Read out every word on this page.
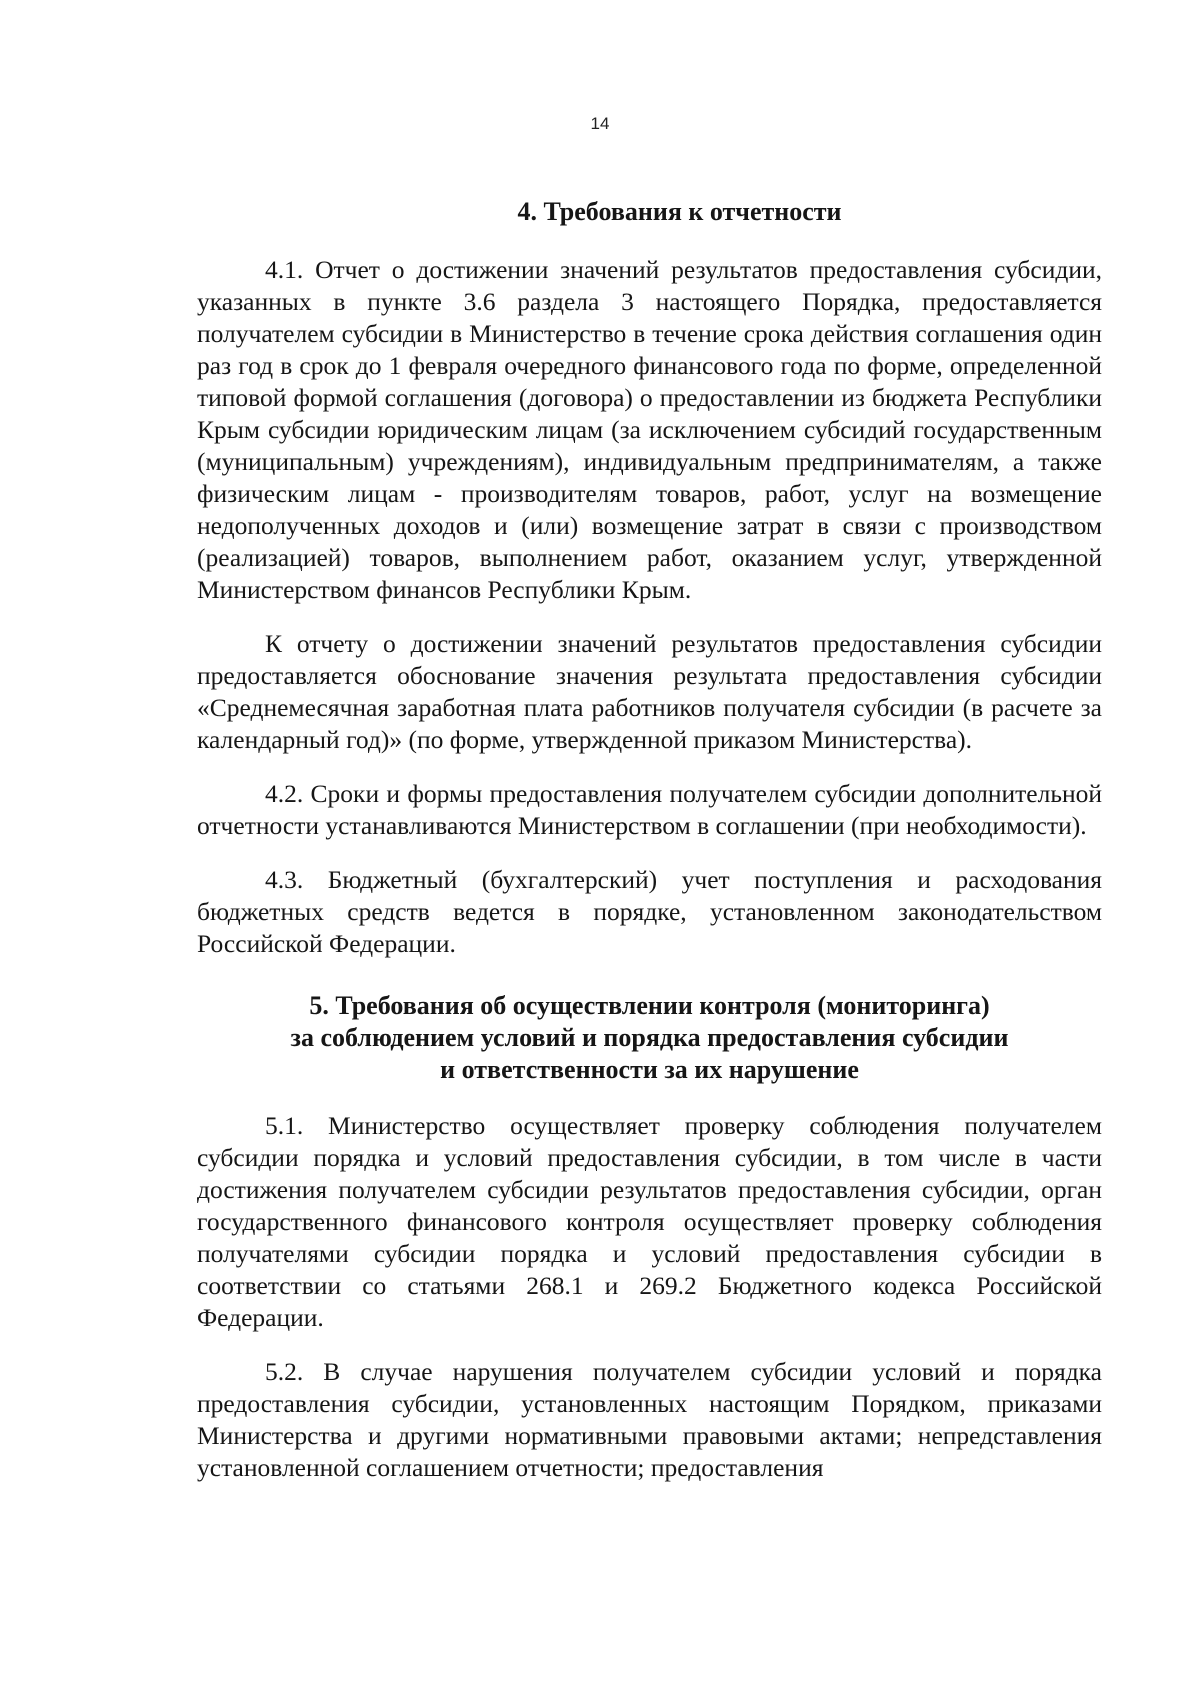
14
4. Требования к отчетности

4.1. Отчет о достижении значений результатов предоставления субсидии, указанных в пункте 3.6 раздела 3 настоящего Порядка, предоставляется получателем субсидии в Министерство в течение срока действия соглашения один раз год в срок до 1 февраля очередного финансового года по форме, определенной типовой формой соглашения (договора) о предоставлении из бюджета Республики Крым субсидии юридическим лицам (за исключением субсидий государственным (муниципальным) учреждениям), индивидуальным предпринимателям, а также физическим лицам - производителям товаров, работ, услуг на возмещение недополученных доходов и (или) возмещение затрат в связи с производством (реализацией) товаров, выполнением работ, оказанием услуг, утвержденной Министерством финансов Республики Крым.

К отчету о достижении значений результатов предоставления субсидии предоставляется обоснование значения результата предоставления субсидии «Среднемесячная заработная плата работников получателя субсидии (в расчете за календарный год)» (по форме, утвержденной приказом Министерства).

4.2. Сроки и формы предоставления получателем субсидии дополнительной отчетности устанавливаются Министерством в соглашении (при необходимости).

4.3. Бюджетный (бухгалтерский) учет поступления и расходования бюджетных средств ведется в порядке, установленном законодательством Российской Федерации.

5. Требования об осуществлении контроля (мониторинга)
за соблюдением условий и порядка предоставления субсидии
и ответственности за их нарушение

5.1. Министерство осуществляет проверку соблюдения получателем субсидии порядка и условий предоставления субсидии, в том числе в части достижения получателем субсидии результатов предоставления субсидии, орган государственного финансового контроля осуществляет проверку соблюдения получателями субсидии порядка и условий предоставления субсидии в соответствии со статьями 268.1 и 269.2 Бюджетного кодекса Российской Федерации.

5.2. В случае нарушения получателем субсидии условий и порядка предоставления субсидии, установленных настоящим Порядком, приказами Министерства и другими нормативными правовыми актами; непредставления установленной соглашением отчетности; предоставления
